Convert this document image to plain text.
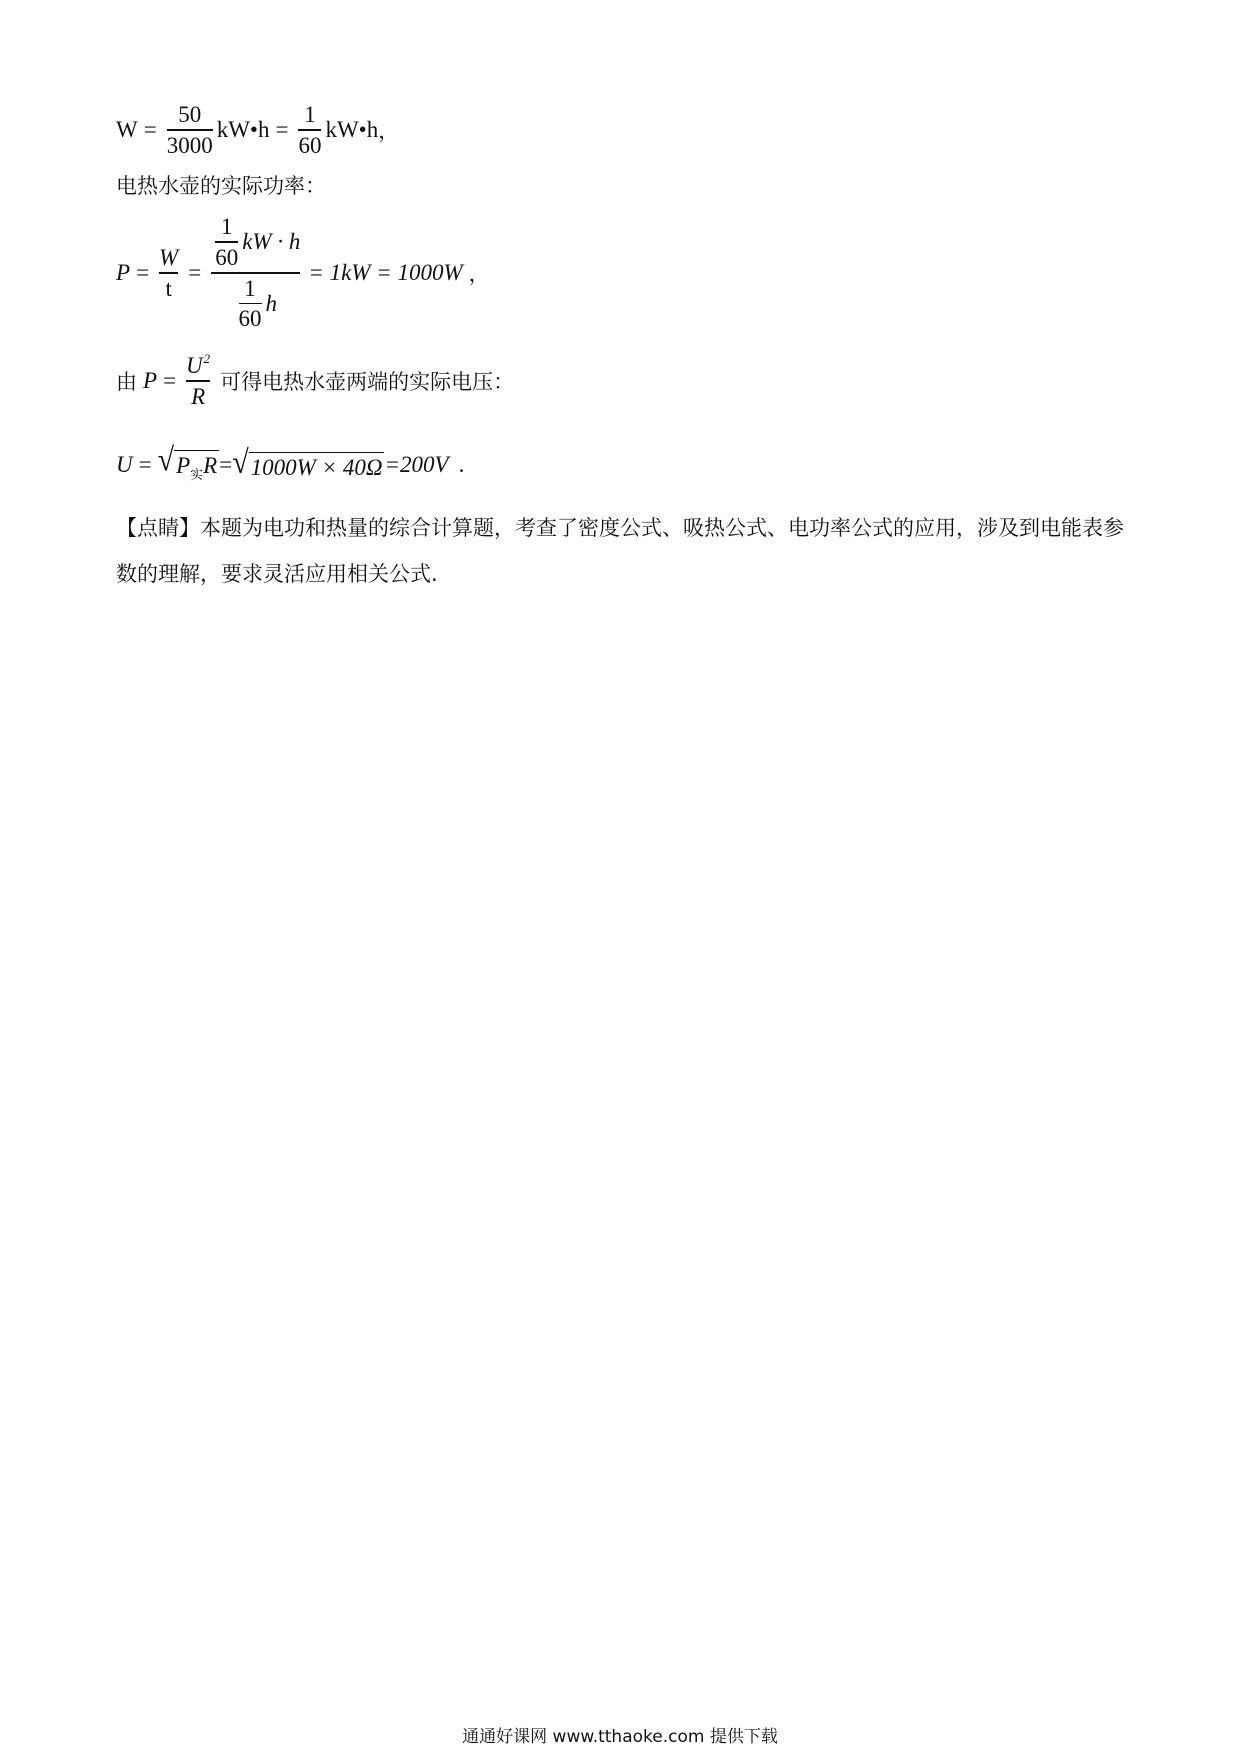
$W = \frac{50}{3000}$ kW•h = $\frac{1}{60}$ kW•h ，
电热水壶的实际功率：
$P = \frac{W}{t} = \frac{\frac{1}{60} kW \cdot h}{\frac{1}{60} h} = 1kW = 1000W$ ，
由 $P = \frac{U^2}{R}$ 可得电热水壶两端的实际电压：
U = √ $P_实R$ = √ 1000W × 40Ω =200V .
【点睛】本题为电功和热量的综合计算题，考查了密度公式、吸热公式、电功率公式的应用，涉及到电能表参数的理解，要求灵活应用相关公式.
通通好课网 www.tthaoke.com 提供下载
